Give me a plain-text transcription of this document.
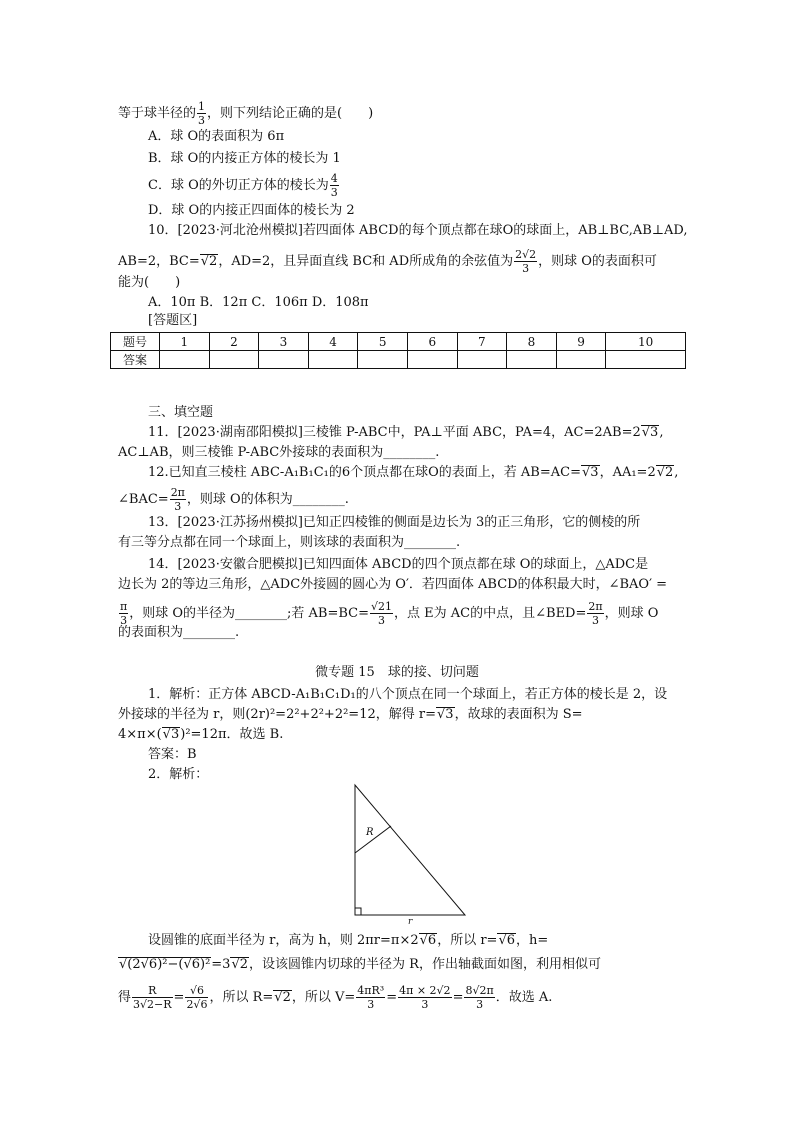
等于球半径的 $\frac{1}{3}$ ，则下列结论正确的是(　　)
A．球 O的表面积为 6π
B．球 O的内接正方体的棱长为 1
C．球 O的外切正方体的棱长为 $\frac{4}{3}$
D．球 O的内接正四面体的棱长为 2
10．[2023·河北沧州模拟]若四面体 ABCD的每个顶点都在球O的球面上，AB⊥BC,AB⊥AD,
AB=2，BC=√2，AD=2，且异面直线 BC和 AD所成角的余弦值为 $\frac{2√2}{3}$ ，则球 O的表面积可
能为(　　)
A．10π B．12π C．106π D．108π
[答题区]
题号	1	2	3	4	5	6	7	8	9	10
答案										
三、填空题
11．[2023·湖南邵阳模拟]三棱锥 P-ABC中，PA⊥平面 ABC，PA=4，AC=2AB=2√3,
AC⊥AB，则三棱锥 P-ABC外接球的表面积为________.
12.已知直三棱柱 ABC-A₁B₁C₁的6个顶点都在球O的表面上，若 AB=AC=√3，AA₁=2√2,
∠BAC= $\frac{2\pi}{3}$ ，则球 O的体积为________.
13．[2023·江苏扬州模拟]已知正四棱锥的侧面是边长为 3的正三角形，它的侧棱的所
有三等分点都在同一个球面上，则该球的表面积为________.
14．[2023·安徽合肥模拟]已知四面体 ABCD的四个顶点都在球 O的球面上，△ADC是
边长为 2的等边三角形，△ADC外接圆的圆心为 O′．若四面体 ABCD的体积最大时，∠BAO′ =
$\frac{\pi}{3}$ ，则球 O的半径为________;若 $AB=BC= \frac{√21}{3}$ ，点 E为 AC的中点，且∠BED= $\frac{2\pi}{3}$ ，则球 O
的表面积为________.
微专题 15　球的接、切问题
1．解析：正方体 ABCD-A₁B₁C₁D₁的八个顶点在同一个球面上，若正方体的棱长是 2，设
外接球的半径为 r，则(2r)²=2²+2²+2²=12，解得 r=√3，故球的表面积为 S=
4×π×(√3)²=12π．故选 B.
答案：B
2．解析：
R
r
设圆锥的底面半径为 r，高为 h，则 2πr=π×2√6，所以 r=√6，h=
√(2√6)²−(√6)²=3√2，设该圆锥内切球的半径为 R，作出轴截面如图，利用相似可
得 $\frac{R}{3√2-R} = \frac{√6}{2√6}$ ，所以 R=√2，所以 $V= \frac{\text{4πR³}}{3} = \frac{4\pi \times 2√2}{3} = \frac{8√2\pi}{3}$ ．故选 A.
